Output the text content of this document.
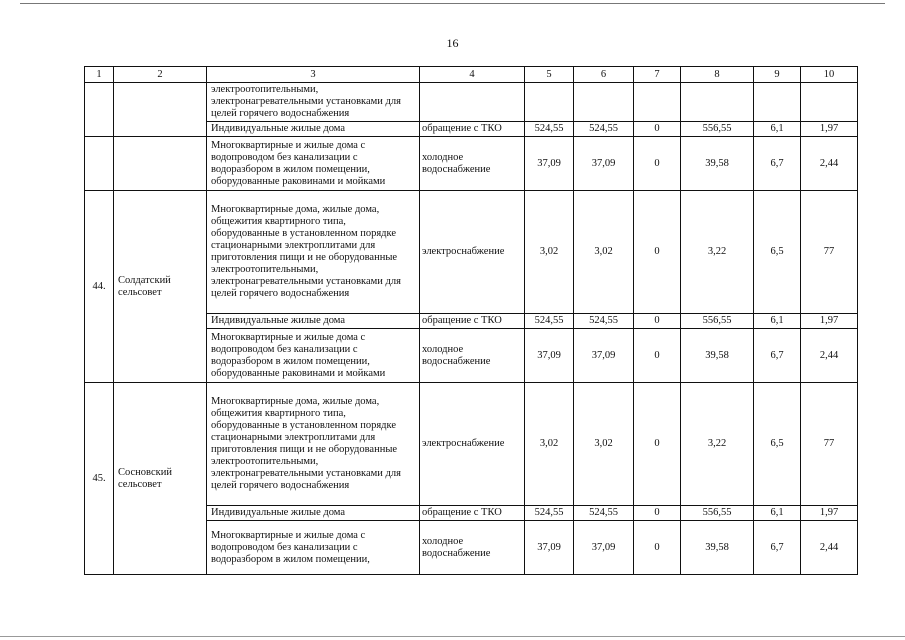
16
1	2	3	4	5	6	7	8	9	10
		электроотопительными, электронагревательными установками для целей горячего водоснабжения							
		Индивидуальные жилые дома	обращение с ТКО	524,55	524,55	0	556,55	6,1	1,97
		Многоквартирные и жилые дома с водопроводом без канализации с водоразбором в жилом помещении, оборудованные раковинами и мойками	холодное водоснабжение	37,09	37,09	0	39,58	6,7	2,44
44.	Солдатский сельсовет	Многоквартирные дома, жилые дома, общежития квартирного типа, оборудованные в установленном порядке стационарными электроплитами для приготовления пищи и не оборудованные электроотопительными, электронагревательными установками для целей горячего водоснабжения	электроснабжение	3,02	3,02	0	3,22	6,5	77
		Индивидуальные жилые дома	обращение с ТКО	524,55	524,55	0	556,55	6,1	1,97
		Многоквартирные и жилые дома с водопроводом без канализации с водоразбором в жилом помещении, оборудованные раковинами и мойками	холодное водоснабжение	37,09	37,09	0	39,58	6,7	2,44
45.	Сосновский сельсовет	Многоквартирные дома, жилые дома, общежития квартирного типа, оборудованные в установленном порядке стационарными электроплитами для приготовления пищи и не оборудованные электроотопительными, электронагревательными установками для целей горячего водоснабжения	электроснабжение	3,02	3,02	0	3,22	6,5	77
		Индивидуальные жилые дома	обращение с ТКО	524,55	524,55	0	556,55	6,1	1,97
		Многоквартирные и жилые дома с водопроводом без канализации с водоразбором в жилом помещении,	холодное водоснабжение	37,09	37,09	0	39,58	6,7	2,44
